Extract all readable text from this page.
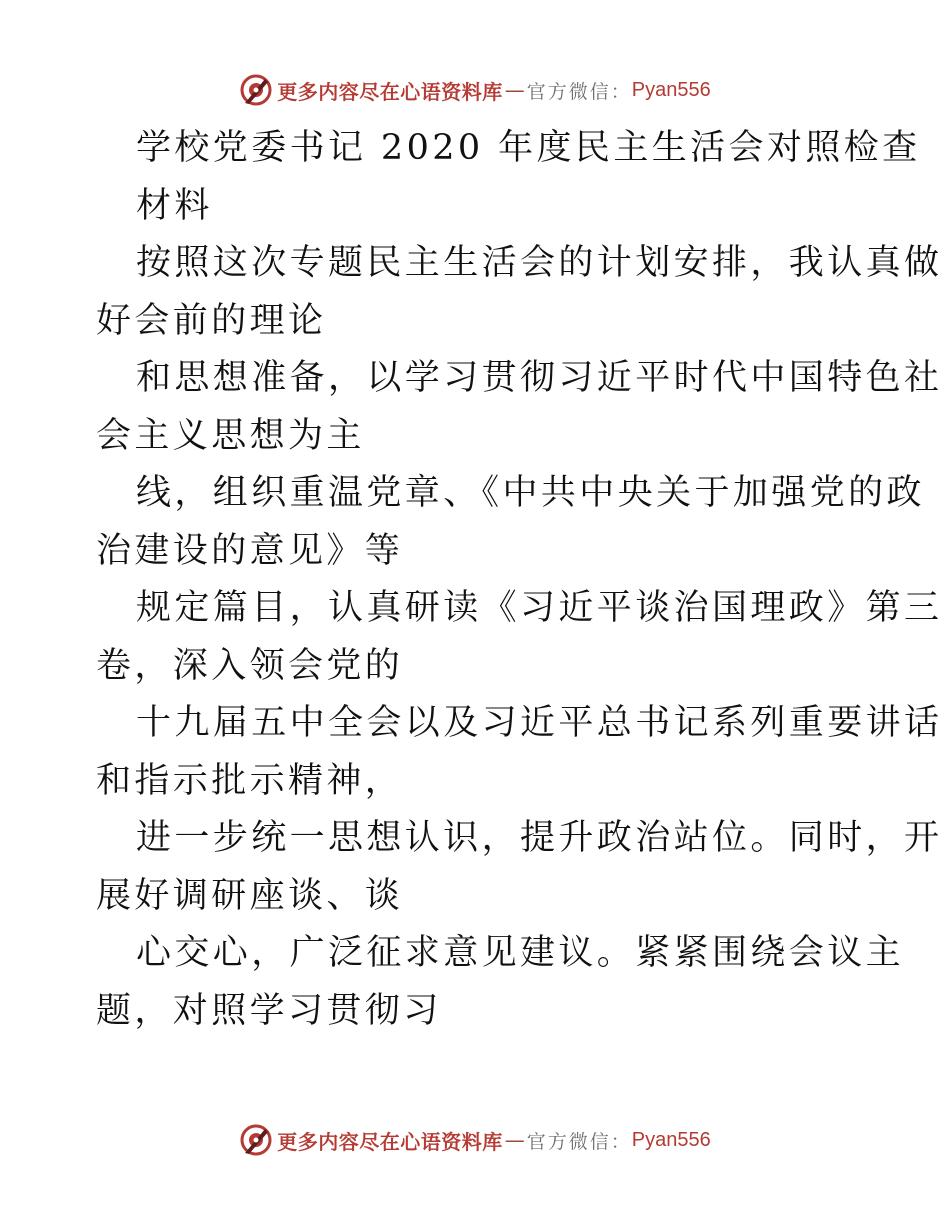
更多内容尽在心语资料库 — 官方微信： Pyan556
学校党委书记 2020 年度民主生活会对照检查
材料
按照这次专题民主生活会的计划安排，我认真做
好会前的理论
和思想准备，以学习贯彻习近平时代中国特色社
会主义思想为主
线，组织重温党章、《中共中央关于加强党的政
治建设的意见》等
规定篇目，认真研读《习近平谈治国理政》第三
卷，深入领会党的
十九届五中全会以及习近平总书记系列重要讲话
和指示批示精神，
进一步统一思想认识，提升政治站位。同时，开
展好调研座谈、谈
心交心，广泛征求意见建议。紧紧围绕会议主
题，对照学习贯彻习
更多内容尽在心语资料库 — 官方微信： Pyan556
